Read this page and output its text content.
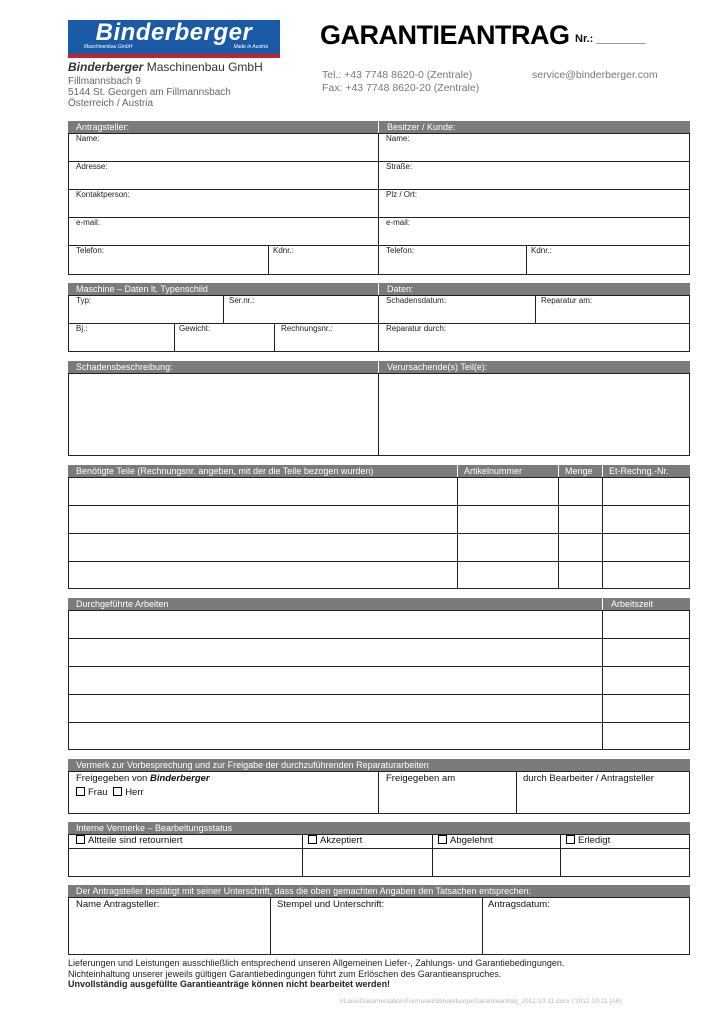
Binderberger
Maschinenbau GmbH	Made in Austria
Binderberger Maschinenbau GmbH
Fillmannsbach 9
5144 St. Georgen am Fillmannsbach
Österreich / Austria
GARANTIEANTRAG Nr.: ________
Tel.: +43 7748 8620-0 (Zentrale)
Fax: +43 7748 8620-20 (Zentrale)
service@binderberger.com
Antragsteller:	Besitzer / Kunde:
Name:
Adresse:
Kontaktperson:
e-mail:
Telefon:	Kdnr.:
Name:
Straße:
Plz / Ort:
e-mail:
Telefon:	Kdnr.:
Maschine – Daten lt. Typenschild	Daten:
Typ:	Ser.nr.:
Bj.:	Gewicht:	Rechnungsnr.:
Schadensdatum:	Reparatur am:
Reparatur durch:
Schadensbeschreibung:	Verursachende(s) Teil(e):
Benötigte Teile (Rechnungsnr. angeben, mit der die Teile bezogen wurden)	Artikelnummer	Menge	Et-Rechng.-Nr.
Durchgeführte Arbeiten	Arbeitszeit
Vermerk zur Vorbesprechung und zur Freigabe der durchzuführenden Reparaturarbeiten
Freigegeben von Binderberger
Frau Herr
Freigegeben am	durch Bearbeiter / Antragsteller
Interne Vermerke – Bearbeitungsstatus
Altteile sind retourniert	Akzeptiert	Abgelehnt	Erledigt
Der Antragsteller bestätigt mit seiner Unterschrift, dass die oben gemachten Angaben den Tatsachen entsprechen:
Name Antragsteller:	Stempel und Unterschrift:	Antragsdatum:
Lieferungen und Leistungen ausschließlich entsprechend unseren Allgemeinen Liefer-, Zahlungs- und Garantiebedingungen.
Nichteinhaltung unserer jeweils gültigen Garantiebedingungen führt zum Erlöschen des Garantieanspruches.
Unvollständig ausgefüllte Garantieanträge können nicht bearbeitet werden!
\\Laue\Dokumentation\Formulare\BinderbergerGarantieantrag_2012-10-11.docx | 2012-10-11 [AB]
